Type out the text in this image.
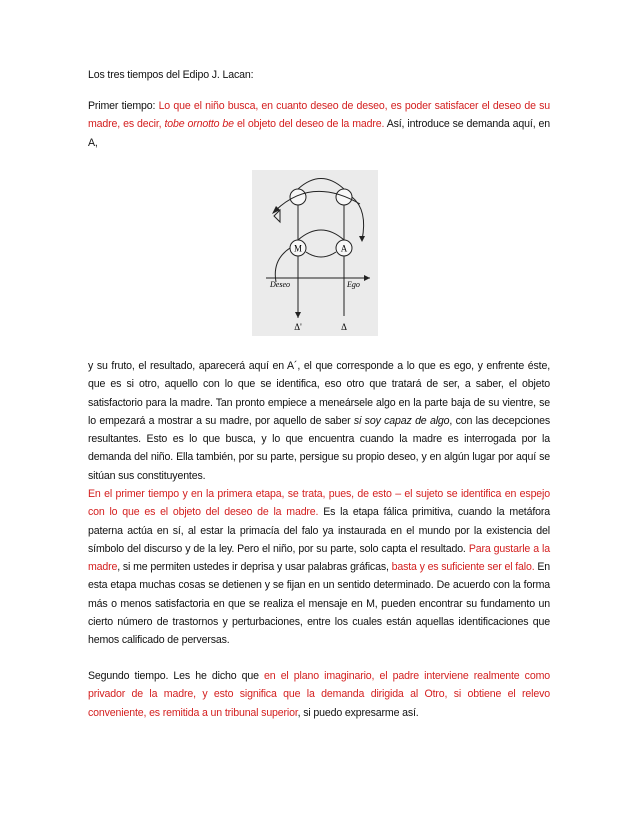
Los tres tiempos del Edipo J. Lacan:

Primer tiempo: Lo que el niño busca, en cuanto deseo de deseo, es poder satisfacer el deseo de su madre, es decir, tobe ornotto be el objeto del deseo de la madre. Así, introduce se demanda aquí, en A,

M	A
Deseo	Ego
Δ'	Δ

y su fruto, el resultado, aparecerá aquí en A´, el que corresponde a lo que es ego, y enfrente éste, que es si otro, aquello con lo que se identifica, eso otro que tratará de ser, a saber, el objeto satisfactorio para la madre. Tan pronto empiece a meneársele algo en la parte baja de su vientre, se lo empezará a mostrar a su madre, por aquello de saber si soy capaz de algo, con las decepciones resultantes. Esto es lo que busca, y lo que encuentra cuando la madre es interrogada por la demanda del niño. Ella también, por su parte, persigue su propio deseo, y en algún lugar por aquí se sitúan sus constituyentes.

En el primer tiempo y en la primera etapa, se trata, pues, de esto – el sujeto se identifica en espejo con lo que es el objeto del deseo de la madre. Es la etapa fálica primitiva, cuando la metáfora paterna actúa en sí, al estar la primacía del falo ya instaurada en el mundo por la existencia del símbolo del discurso y de la ley. Pero el niño, por su parte, solo capta el resultado. Para gustarle a la madre, si me permiten ustedes ir deprisa y usar palabras gráficas, basta y es suficiente ser el falo. En esta etapa muchas cosas se detienen y se fijan en un sentido determinado. De acuerdo con la forma más o menos satisfactoria en que se realiza el mensaje en M, pueden encontrar su fundamento un cierto número de trastornos y perturbaciones, entre los cuales están aquellas identificaciones que hemos calificado de perversas.

Segundo tiempo. Les he dicho que en el plano imaginario, el padre interviene realmente como privador de la madre, y esto significa que la demanda dirigida al Otro, si obtiene el relevo conveniente, es remitida a un tribunal superior, si puedo expresarme así.
